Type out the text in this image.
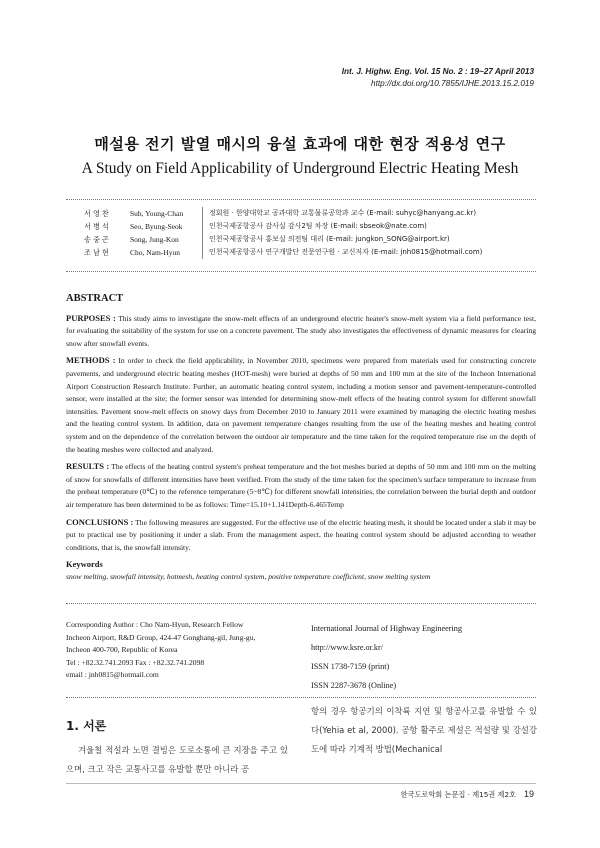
Int. J. Highw. Eng. Vol. 15 No. 2 : 19~27 April 2013
http://dx.doi.org/10.7855/IJHE.2013.15.2.019
매설용 전기 발열 매시의 융설 효과에 대한 현장 적용성 연구
A Study on Field Applicability of Underground Electric Heating Mesh
서영찬	Suh, Young-Chan	정회원 · 한양대학교 공과대학 교통물류공학과 교수 (E-mail: suhyc@hanyang.ac.kr)
서병석	Seo, Byung-Seok	인천국제공항공사 감사실 감사2팀 차장 (E-mail: sbseok@nate.com)
송중곤	Song, Jung-Kon	인천국제공항공사 홍보실 의전팀 대리 (E-mail: jungkon_SONG@airport.kr)
조남현	Cho, Nam-Hyun	인천국제공항공사 연구개발단 전문연구원 · 교신저자 (E-mail: jnh0815@hotmail.com)
ABSTRACT

PURPOSES : This study aims to investigate the snow-melt effects of an underground electric heater's snow-melt system via a field performance test, for evaluating the suitability of the system for use on a concrete pavement. The study also investigates the effectiveness of dynamic measures for clearing snow after snowfall events.

METHODS : In order to check the field applicability, in November 2010, specimens were prepared from materials used for constructing concrete pavements, and underground electric heating meshes (HOT-mesh) were buried at depths of 50 mm and 100 mm at the site of the Incheon International Airport Construction Research Institute. Further, an automatic heating control system, including a motion sensor and pavement-temperature-controlled sensor, were installed at the site; the former sensor was intended for determining snow-melt effects of the heating control system for different snowfall intensities. Pavement snow-melt effects on snowy days from December 2010 to January 2011 were examined by managing the electric heating meshes and the heating control system. In addition, data on pavement temperature changes resulting from the use of the heating meshes and heating control system and on the dependence of the correlation between the outdoor air temperature and the time taken for the required temperature rise on the depth of the heating meshes were collected and analyzed.

RESULTS : The effects of the heating control system's preheat temperature and the hot meshes buried at depths of 50 mm and 100 mm on the melting of snow for snowfalls of different intensities have been verified. From the study of the time taken for the specimen's surface temperature to increase from the preheat temperature (0℃) to the reference temperature (5~8℃) for different snowfall intensities, the correlation between the burial depth and outdoor air temperature has been determined to be as follows: Time=15.10+1.141Depth-6.465Temp

CONCLUSIONS : The following measures are suggested. For the effective use of the electric heating mesh, it should be located under a slab it may be put to practical use by positioning it under a slab. From the management aspect, the heating control system should be adjusted according to weather conditions, that is, the snowfall intensity.

Keywords
snow melting, snowfall intensity, hotmesh, heating control system, positive temperature coefficient, snow melting system
Corresponding Author : Cho Nam-Hyun, Research Fellow
Incheon Airport, R&D Group, 424-47 Gonghang-gil, Jung-gu,
Incheon 400-700, Republic of Korea
Tel : +82.32.741.2093 Fax : +82.32.741.2098
email : jnh0815@hotmail.com
International Journal of Highway Engineering
http://www.ksre.or.kr/
ISSN 1738-7159 (print)
ISSN 2287-3678 (Online)
1. 서론
겨울철 적설과 노면 결빙은 도로소통에 큰 지장을 주고 있으며, 크고 작은 교통사고를 유발할 뿐만 아니라 공
항의 경우 항공기의 이착륙 지연 및 항공사고를 유발할 수 있다(Yehia et al, 2000). 공항 활주로 제설은 적설량 및 강설강도에 따라 기계적 방법(Mechanical
한국도로학회 논문집 · 제15권 제2호 19
